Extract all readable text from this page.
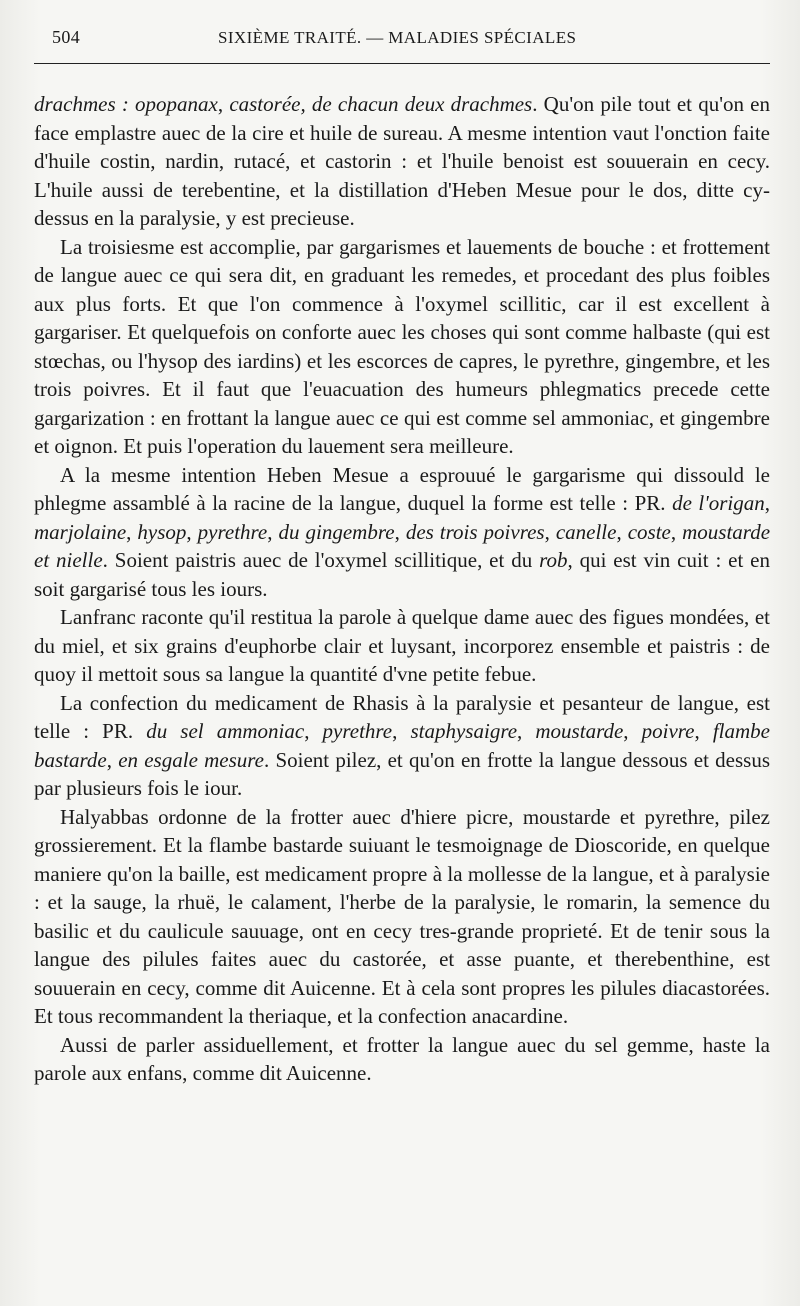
504	SIXIÈME TRAITÉ. — MALADIES SPÉCIALES

drachmes : opopanax, castorée, de chacun deux drachmes. Qu'on pile tout et qu'on en face emplastre auec de la cire et huile de sureau. A mesme intention vaut l'onction faite d'huile costin, nardin, rutacé, et castorin : et l'huile benoist est souuerain en cecy. L'huile aussi de terebentine, et la distillation d'Heben Mesue pour le dos, ditte cy-dessus en la paralysie, y est precieuse.

La troisiesme est accomplie, par gargarismes et lauements de bouche : et frottement de langue auec ce qui sera dit, en graduant les remedes, et procedant des plus foibles aux plus forts. Et que l'on commence à l'oxymel scillitic, car il est excellent à gargariser. Et quelquefois on conforte auec les choses qui sont comme halbaste (qui est stœchas, ou l'hysop des iardins) et les escorces de capres, le pyrethre, gingembre, et les trois poivres. Et il faut que l'euacuation des humeurs phlegmatics precede cette gargarization : en frottant la langue auec ce qui est comme sel ammoniac, et gingembre et oignon. Et puis l'operation du lauement sera meilleure.

A la mesme intention Heben Mesue a esprouué le gargarisme qui dissould le phlegme assamblé à la racine de la langue, duquel la forme est telle : PR. de l'origan, marjolaine, hysop, pyrethre, du gingembre, des trois poivres, canelle, coste, moustarde et nielle. Soient paistris auec de l'oxymel scillitique, et du rob, qui est vin cuit : et en soit gargarisé tous les iours.

Lanfranc raconte qu'il restitua la parole à quelque dame auec des figues mondées, et du miel, et six grains d'euphorbe clair et luysant, incorporez ensemble et paistris : de quoy il mettoit sous sa langue la quantité d'vne petite febue.

La confection du medicament de Rhasis à la paralysie et pesanteur de langue, est telle : PR. du sel ammoniac, pyrethre, staphysaigre, moustarde, poivre, flambe bastarde, en esgale mesure. Soient pilez, et qu'on en frotte la langue dessous et dessus par plusieurs fois le iour.

Halyabbas ordonne de la frotter auec d'hiere picre, moustarde et pyrethre, pilez grossierement. Et la flambe bastarde suiuant le tesmoignage de Dioscoride, en quelque maniere qu'on la baille, est medicament propre à la mollesse de la langue, et à paralysie : et la sauge, la rhuë, le calament, l'herbe de la paralysie, le romarin, la semence du basilic et du caulicule sauuage, ont en cecy tres-grande proprieté. Et de tenir sous la langue des pilules faites auec du castorée, et asse puante, et therebenthine, est souuerain en cecy, comme dit Auicenne. Et à cela sont propres les pilules diacastorées. Et tous recommandent la theriaque, et la confection anacardine.

Aussi de parler assiduellement, et frotter la langue auec du sel gemme, haste la parole aux enfans, comme dit Auicenne.
